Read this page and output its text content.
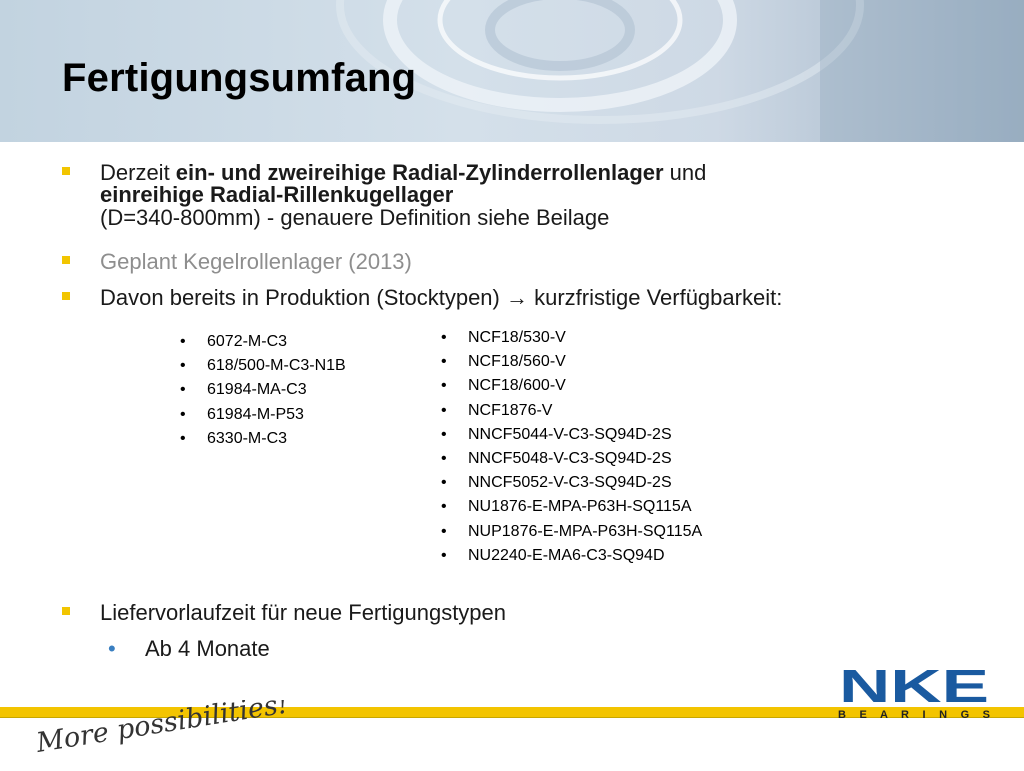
Fertigungsumfang
Derzeit ein- und zweireihige Radial-Zylinderrollenlager und
einreihige Radial-Rillenkugellager
(D=340-800mm) - genauere Definition siehe Beilage
Geplant Kegelrollenlager (2013)
Davon bereits in Produktion (Stocktypen) → kurzfristige Verfügbarkeit:
• 6072-M-C3
• 618/500-M-C3-N1B
• 61984-MA-C3
• 61984-M-P53
• 6330-M-C3
• NCF18/530-V
• NCF18/560-V
• NCF18/600-V
• NCF1876-V
• NNCF5044-V-C3-SQ94D-2S
• NNCF5048-V-C3-SQ94D-2S
• NNCF5052-V-C3-SQ94D-2S
• NU1876-E-MPA-P63H-SQ115A
• NUP1876-E-MPA-P63H-SQ115A
• NU2240-E-MA6-C3-SQ94D
Liefervorlaufzeit für neue Fertigungstypen
• Ab 4 Monate
More possibilities!
NKE
B E A R I N G S
